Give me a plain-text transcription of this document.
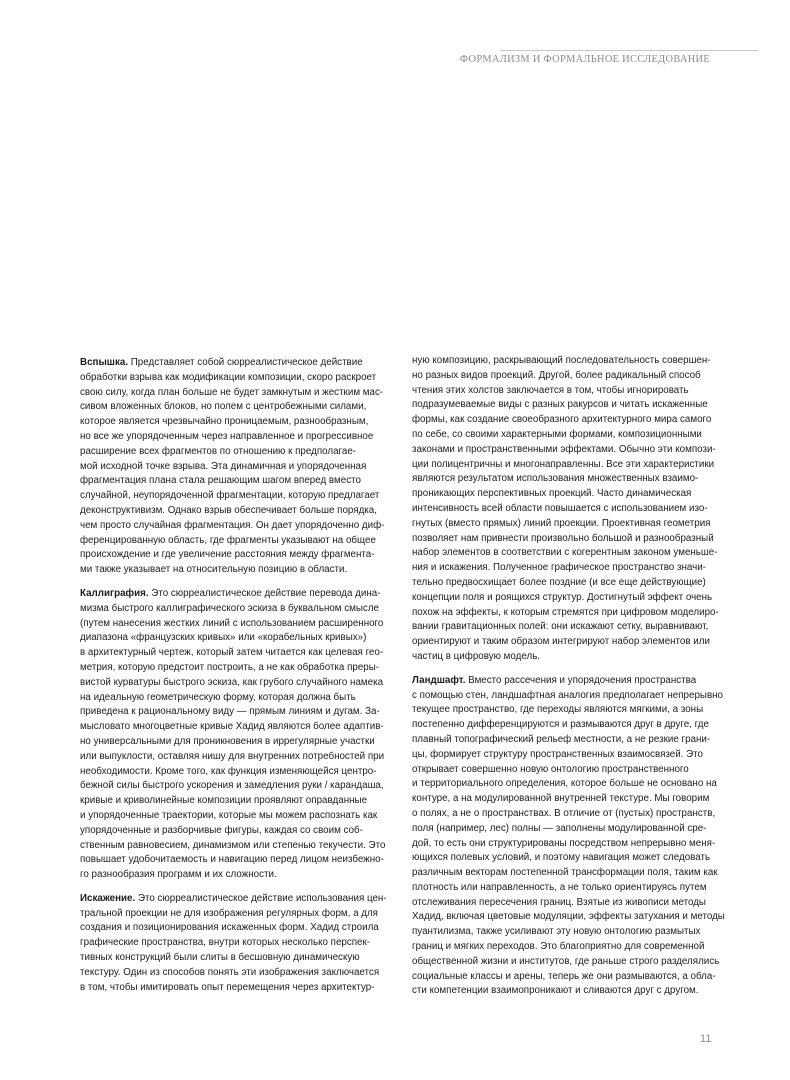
ФОРМАЛИЗМ И ФОРМАЛЬНОЕ ИССЛЕДОВАНИЕ
Вспышка. Представляет собой сюрреалистическое действие
обработки взрыва как модификации композиции, скоро раскроет
свою силу, когда план больше не будет замкнутым и жестким мас-
сивом вложенных блоков, но полем с центробежными силами,
которое является чрезвычайно проницаемым, разнообразным,
но все же упорядоченным через направленное и прогрессивное
расширение всех фрагментов по отношению к предполагае-
мой исходной точке взрыва. Эта динамичная и упорядоченная
фрагментация плана стала решающим шагом вперед вместо
случайной, неупорядоченной фрагментации, которую предлагает
деконструктивизм. Однако взрыв обеспечивает больше порядка,
чем просто случайная фрагментация. Он дает упорядоченно диф-
ференцированную область, где фрагменты указывают на общее
происхождение и где увеличение расстояния между фрагмента-
ми также указывает на относительную позицию в области.
Каллиграфия. Это сюрреалистическое действие перевода дина-
мизма быстрого каллиграфического эскиза в буквальном смысле
(путем нанесения жестких линий с использованием расширенного
диапазона «французских кривых» или «корабельных кривых»)
в архитектурный чертеж, который затем читается как целевая гео-
метрия, которую предстоит построить, а не как обработка преры-
вистой курватуры быстрого эскиза, как грубого случайного намека
на идеальную геометрическую форму, которая должна быть
приведена к рациональному виду — прямым линиям и дугам. За-
мысловато многоцветные кривые Хадид являются более адаптив-
но универсальными для проникновения в иррегулярные участки
или выпуклости, оставляя нишу для внутренних потребностей при
необходимости. Кроме того, как функция изменяющейся центро-
бежной силы быстрого ускорения и замедления руки / карандаша,
кривые и криволинейные композиции проявляют оправданные
и упорядоченные траектории, которые мы можем распознать как
упорядоченные и разборчивые фигуры, каждая со своим соб-
ственным равновесием, динамизмом или степенью текучести. Это
повышает удобочитаемость и навигацию перед лицом неизбежно-
го разнообразия программ и их сложности.
Искажение. Это сюрреалистическое действие использования цен-
тральной проекции не для изображения регулярных форм, а для
создания и позиционирования искаженных форм. Хадид строила
графические пространства, внутри которых несколько перспек-
тивных конструкций были слиты в бесшовную динамическую
текстуру. Один из способов понять эти изображения заключается
в том, чтобы имитировать опыт перемещения через архитектур-
ную композицию, раскрывающий последовательность совершен-
но разных видов проекций. Другой, более радикальный способ
чтения этих холстов заключается в том, чтобы игнорировать
подразумеваемые виды с разных ракурсов и читать искаженные
формы, как создание своеобразного архитектурного мира самого
по себе, со своими характерными формами, композиционными
законами и пространственными эффектами. Обычно эти компози-
ции полицентричны и многонаправленны. Все эти характеристики
являются результатом использования множественных взаимо-
проникающих перспективных проекций. Часто динамическая
интенсивность всей области повышается с использованием изо-
гнутых (вместо прямых) линий проекции. Проективная геометрия
позволяет нам привнести произвольно большой и разнообразный
набор элементов в соответствии с когерентным законом уменьше-
ния и искажения. Полученное графическое пространство значи-
тельно предвосхищает более поздние (и все еще действующие)
концепции поля и роящихся структур. Достигнутый эффект очень
похож на эффекты, к которым стремятся при цифровом моделиро-
вании гравитационных полей: они искажают сетку, выравнивают,
ориентируют и таким образом интегрируют набор элементов или
частиц в цифровую модель.
Ландшафт. Вместо рассечения и упорядочения пространства
с помощью стен, ландшафтная аналогия предполагает непрерывно
текущее пространство, где переходы являются мягкими, а зоны
постепенно дифференцируются и размываются друг в друге, где
плавный топографический рельеф местности, а не резкие грани-
цы, формирует структуру пространственных взаимосвязей. Это
открывает совершенно новую онтологию пространственного
и территориального определения, которое больше не основано на
контуре, а на модулированной внутренней текстуре. Мы говорим
о полях, а не о пространствах. В отличие от (пустых) пространств,
поля (например, лес) полны — заполнены модулированной сре-
дой, то есть они структурированы посредством непрерывно меня-
ющихся полевых условий, и поэтому навигация может следовать
различным векторам постепенной трансформации поля, таким как
плотность или направленность, а не только ориентируясь путем
отслеживания пересечения границ. Взятые из живописи методы
Хадид, включая цветовые модуляции, эффекты затухания и методы
пуантилизма, также усиливают эту новую онтологию размытых
границ и мягких переходов. Это благоприятно для современной
общественной жизни и институтов, где раньше строго разделялись
социальные классы и арены, теперь же они размываются, а обла-
сти компетенции взаимопроникают и сливаются друг с другом.
11
